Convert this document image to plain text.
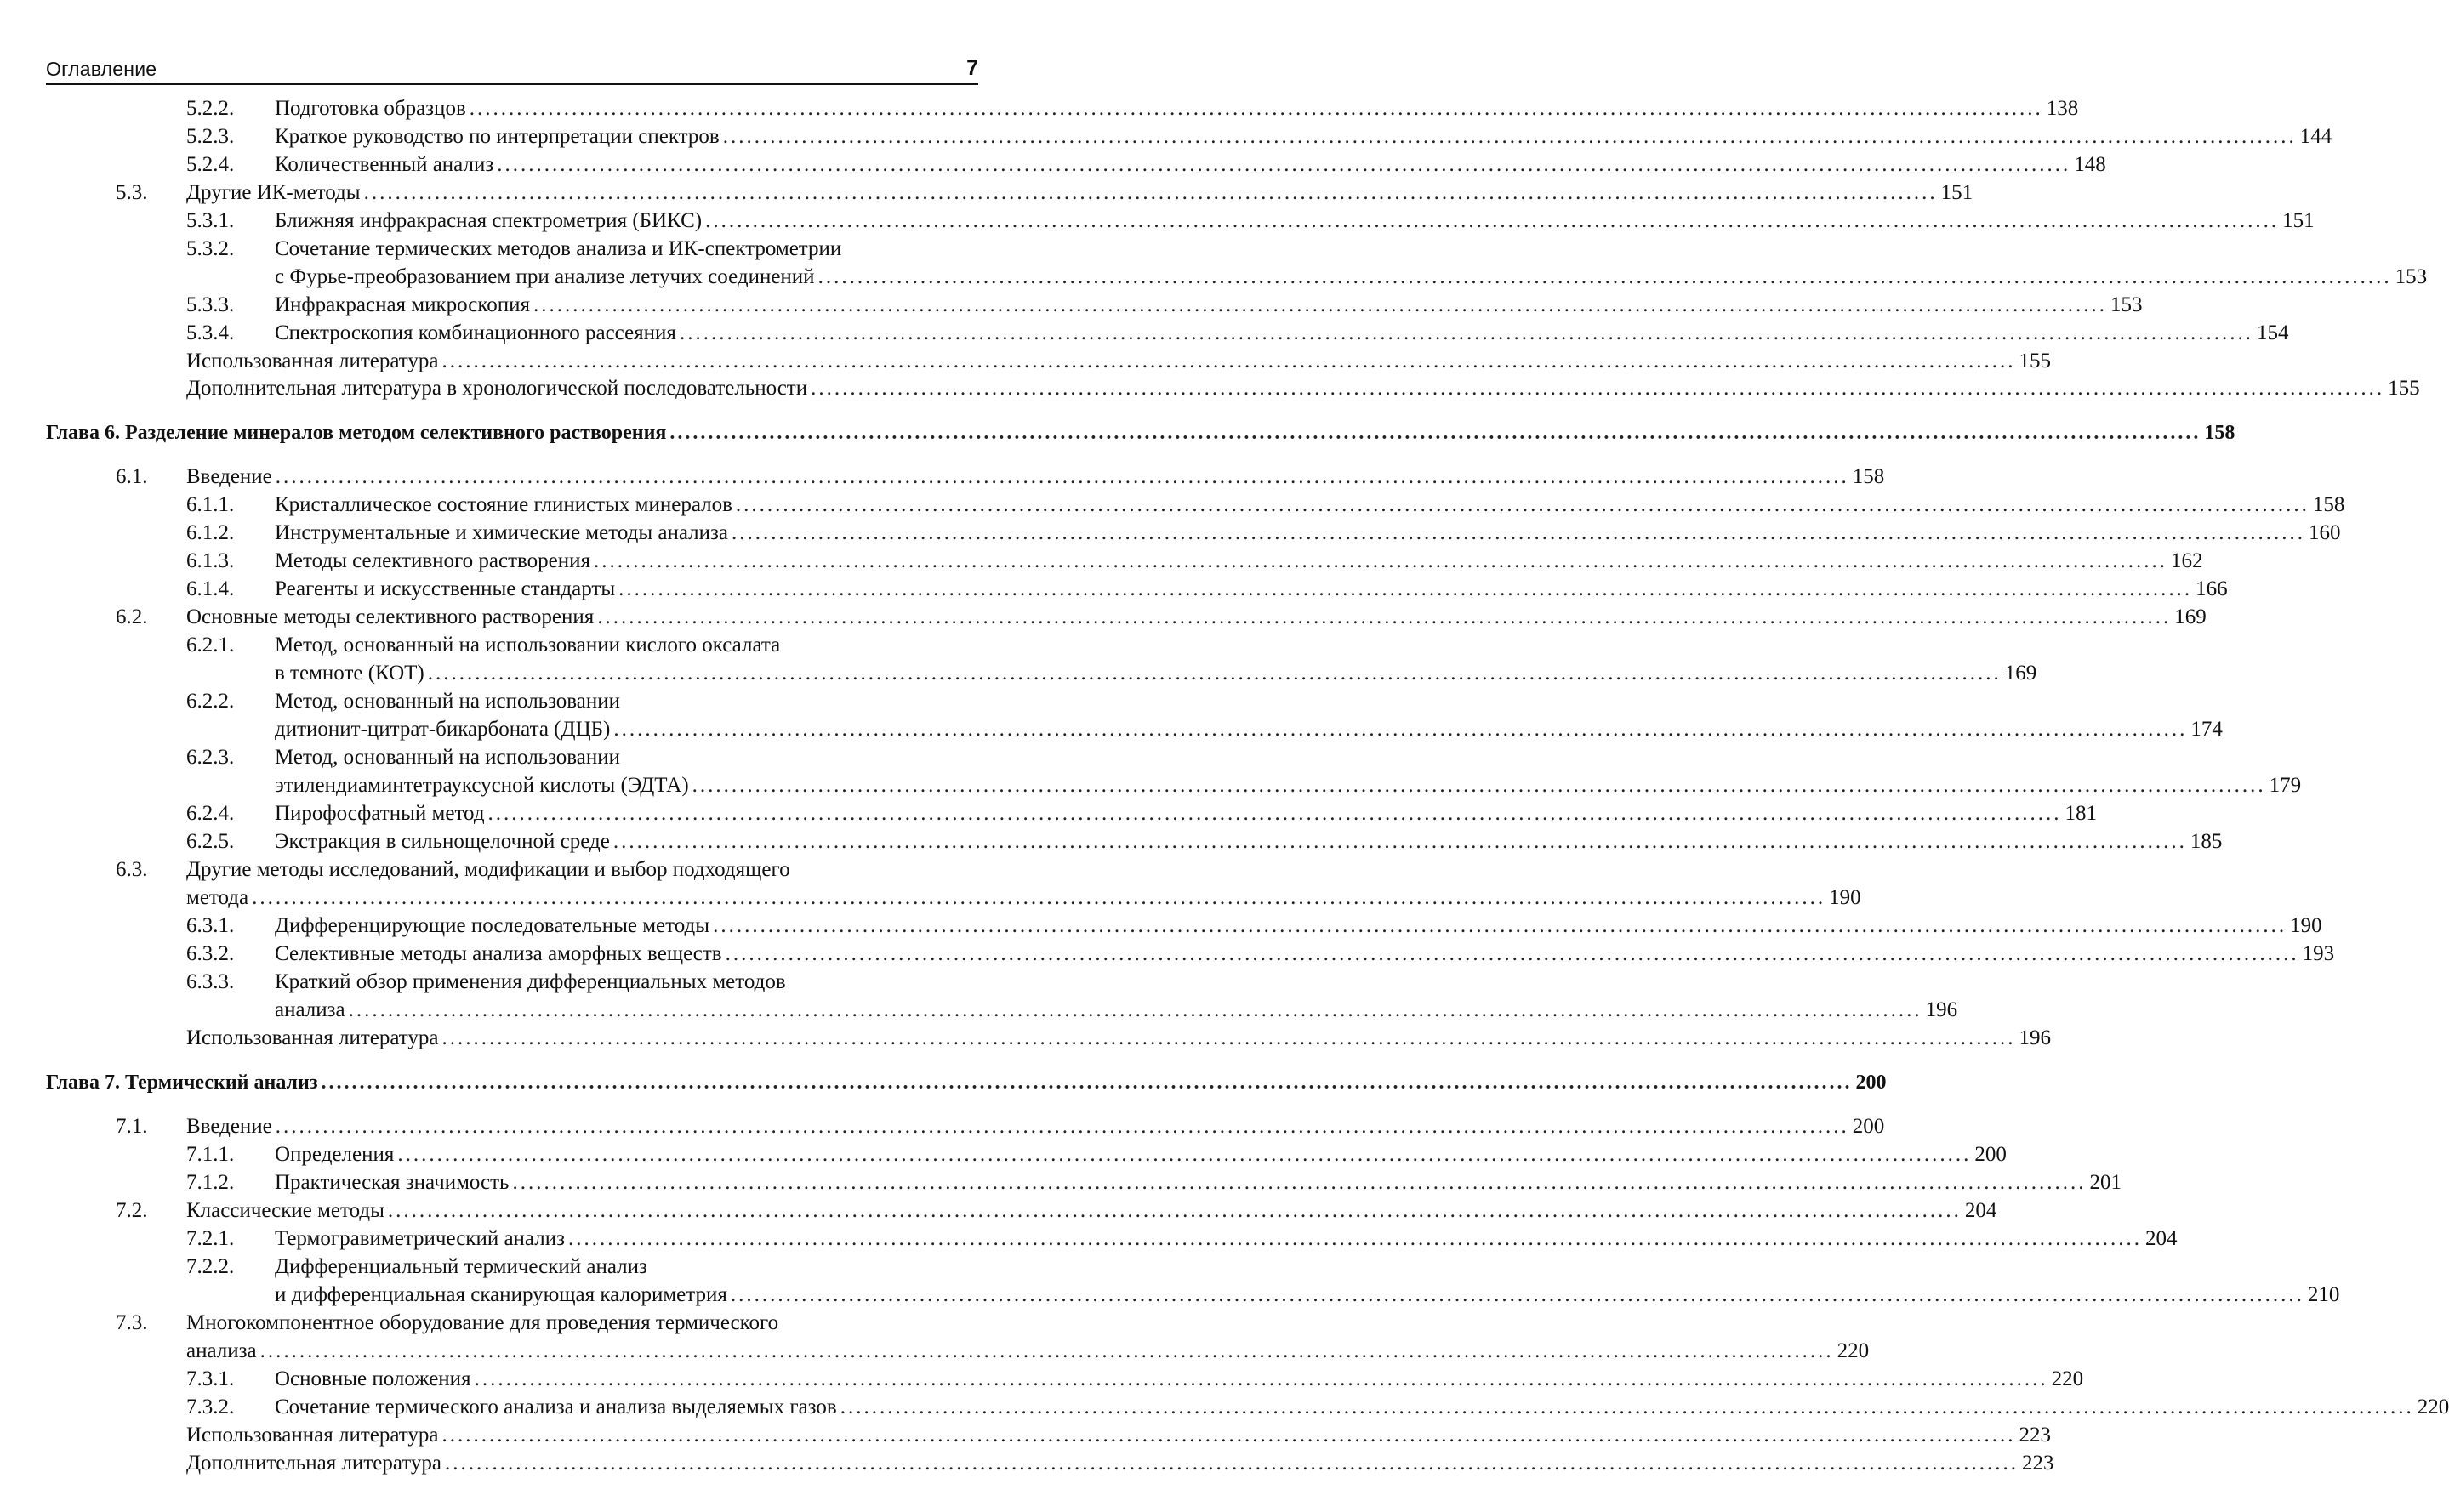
Оглавление	7
5.2.2. Подготовка образцов ........................................................................................................................................................................................................ 138
5.2.3. Краткое руководство по интерпретации спектров ........................................................................................................................................................................................................ 144
5.2.4. Количественный анализ ........................................................................................................................................................................................................ 148
5.3. Другие ИК-методы ........................................................................................................................................................................................................ 151
5.3.1. Ближняя инфракрасная спектрометрия (БИКС) ........................................................................................................................................................................................................ 151
5.3.2. Сочетание термических методов анализа и ИК-спектрометрии
с Фурье-преобразованием при анализе летучих соединений ........................................................................................................................................................................................................ 153
5.3.3. Инфракрасная микроскопия ........................................................................................................................................................................................................ 153
5.3.4. Спектроскопия комбинационного рассеяния ........................................................................................................................................................................................................ 154
Использованная литература ........................................................................................................................................................................................................ 155
Дополнительная литература в хронологической последовательности ........................................................................................................................................................................................................ 155
Глава 6. Разделение минералов методом селективного растворения ........................................................................................................................................................................................................ 158
6.1. Введение ........................................................................................................................................................................................................ 158
6.1.1. Кристаллическое состояние глинистых минералов ........................................................................................................................................................................................................ 158
6.1.2. Инструментальные и химические методы анализа ........................................................................................................................................................................................................ 160
6.1.3. Методы селективного растворения ........................................................................................................................................................................................................ 162
6.1.4. Реагенты и искусственные стандарты ........................................................................................................................................................................................................ 166
6.2. Основные методы селективного растворения ........................................................................................................................................................................................................ 169
6.2.1. Метод, основанный на использовании кислого оксалата
в темноте (КОТ) ........................................................................................................................................................................................................ 169
6.2.2. Метод, основанный на использовании
дитионит-цитрат-бикарбоната (ДЦБ) ........................................................................................................................................................................................................ 174
6.2.3. Метод, основанный на использовании
этилендиаминтетрауксусной кислоты (ЭДТА) ........................................................................................................................................................................................................ 179
6.2.4. Пирофосфатный метод ........................................................................................................................................................................................................ 181
6.2.5. Экстракция в сильнощелочной среде ........................................................................................................................................................................................................ 185
6.3. Другие методы исследований, модификации и выбор подходящего
метода ........................................................................................................................................................................................................ 190
6.3.1. Дифференцирующие последовательные методы ........................................................................................................................................................................................................ 190
6.3.2. Селективные методы анализа аморфных веществ ........................................................................................................................................................................................................ 193
6.3.3. Краткий обзор применения дифференциальных методов
анализа ........................................................................................................................................................................................................ 196
Использованная литература ........................................................................................................................................................................................................ 196
Глава 7. Термический анализ ........................................................................................................................................................................................................ 200
7.1. Введение ........................................................................................................................................................................................................ 200
7.1.1. Определения ........................................................................................................................................................................................................ 200
7.1.2. Практическая значимость ........................................................................................................................................................................................................ 201
7.2. Классические методы ........................................................................................................................................................................................................ 204
7.2.1. Термогравиметрический анализ ........................................................................................................................................................................................................ 204
7.2.2. Дифференциальный термический анализ
и дифференциальная сканирующая калориметрия ........................................................................................................................................................................................................ 210
7.3. Многокомпонентное оборудование для проведения термического
анализа ........................................................................................................................................................................................................ 220
7.3.1. Основные положения ........................................................................................................................................................................................................ 220
7.3.2. Сочетание термического анализа и анализа выделяемых газов ........................................................................................................................................................................................................ 220
Использованная литература ........................................................................................................................................................................................................ 223
Дополнительная литература ........................................................................................................................................................................................................ 223
